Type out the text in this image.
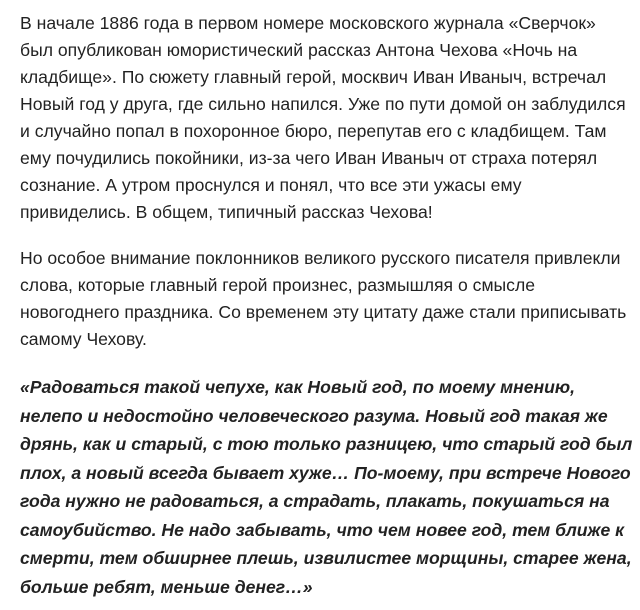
В начале 1886 года в первом номере московского журнала «Сверчок»
был опубликован юмористический рассказ Антона Чехова «Ночь на
кладбище». По сюжету главный герой, москвич Иван Иваныч, встречал
Новый год у друга, где сильно напился. Уже по пути домой он заблудился
и случайно попал в похоронное бюро, перепутав его с кладбищем. Там
ему почудились покойники, из-за чего Иван Иваныч от страха потерял
сознание. А утром проснулся и понял, что все эти ужасы ему
привиделись. В общем, типичный рассказ Чехова!

Но особое внимание поклонников великого русского писателя привлекли
слова, которые главный герой произнес, размышляя о смысле
новогоднего праздника. Со временем эту цитату даже стали приписывать
самому Чехову.

«Радоваться такой чепухе, как Новый год, по моему мнению,
нелепо и недостойно человеческого разума. Новый год такая же
дрянь, как и старый, с тою только разницею, что старый год был
плох, а новый всегда бывает хуже… По-моему, при встрече Нового
года нужно не радоваться, а страдать, плакать, покушаться на
самоубийство. Не надо забывать, что чем новее год, тем ближе к
смерти, тем обширнее плешь, извилистее морщины, старее жена,
больше ребят, меньше денег…»
